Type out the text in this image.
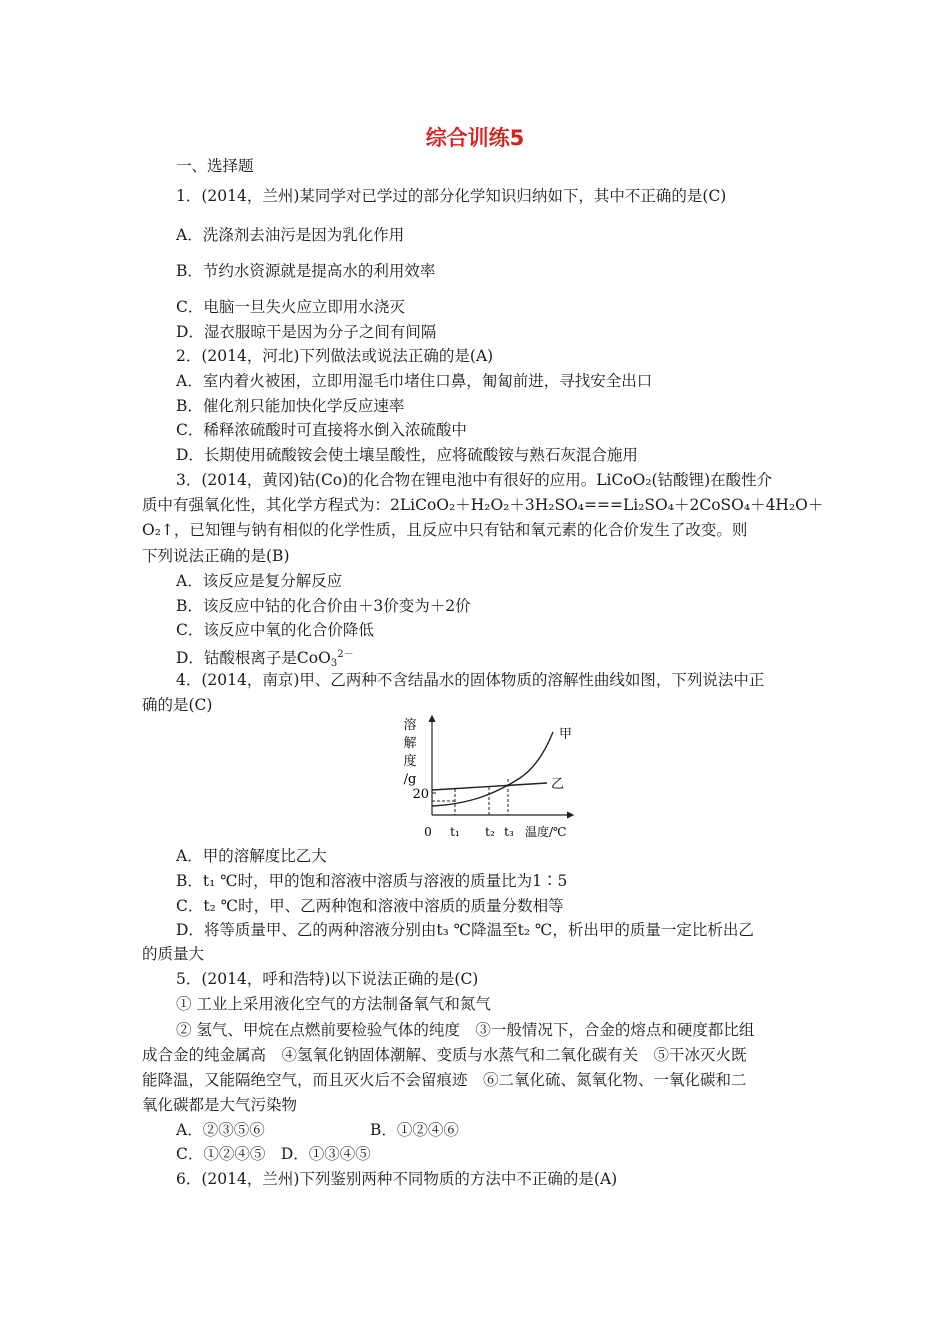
综合训练5
一、选择题
1．(2014，兰州)某同学对已学过的部分化学知识归纳如下，其中不正确的是(C)
A．洗涤剂去油污是因为乳化作用
B．节约水资源就是提高水的利用效率
C．电脑一旦失火应立即用水浇灭
D．湿衣服晾干是因为分子之间有间隔
2．(2014，河北)下列做法或说法正确的是(A)
A．室内着火被困，立即用湿毛巾堵住口鼻，匍匐前进，寻找安全出口
B．催化剂只能加快化学反应速率
C．稀释浓硫酸时可直接将水倒入浓硫酸中
D．长期使用硫酸铵会使土壤呈酸性，应将硫酸铵与熟石灰混合施用
3．(2014，黄冈)钴(Co)的化合物在锂电池中有很好的应用。LiCoO₂(钴酸锂)在酸性介
质中有强氧化性，其化学方程式为：2LiCoO₂＋H₂O₂＋3H₂SO₄===Li₂SO₄＋2CoSO₄＋4H₂O＋
O₂↑，已知锂与钠有相似的化学性质，且反应中只有钴和氧元素的化合价发生了改变。则
下列说法正确的是(B)
A．该反应是复分解反应
B．该反应中钴的化合价由＋3价变为＋2价
C．该反应中氧的化合价降低
D．钴酸根离子是CoO$_3^{2-}$
4．(2014，南京)甲、乙两种不含结晶水的固体物质的溶解性曲线如图，下列说法中正
确的是(C)
溶
解
度
/g
20
甲
乙
0 t₁ t₂ t₃ 温度/℃
A．甲的溶解度比乙大
B．t₁ ℃时，甲的饱和溶液中溶质与溶液的质量比为1∶5
C．t₂ ℃时，甲、乙两种饱和溶液中溶质的质量分数相等
D．将等质量甲、乙的两种溶液分别由t₃ ℃降温至t₂ ℃，析出甲的质量一定比析出乙
的质量大
5．(2014，呼和浩特)以下说法正确的是(C)
① 工业上采用液化空气的方法制备氧气和氮气
② 氢气、甲烷在点燃前要检验气体的纯度　③一般情况下，合金的熔点和硬度都比组
成合金的纯金属高　④氢氧化钠固体潮解、变质与水蒸气和二氧化碳有关　⑤干冰灭火既
能降温，又能隔绝空气，而且灭火后不会留痕迹　⑥二氧化硫、氮氧化物、一氧化碳和二
氧化碳都是大气污染物
A．②③⑤⑥	B．①②④⑥
C．①②④⑤　D．①③④⑤
6．(2014，兰州)下列鉴别两种不同物质的方法中不正确的是(A)
